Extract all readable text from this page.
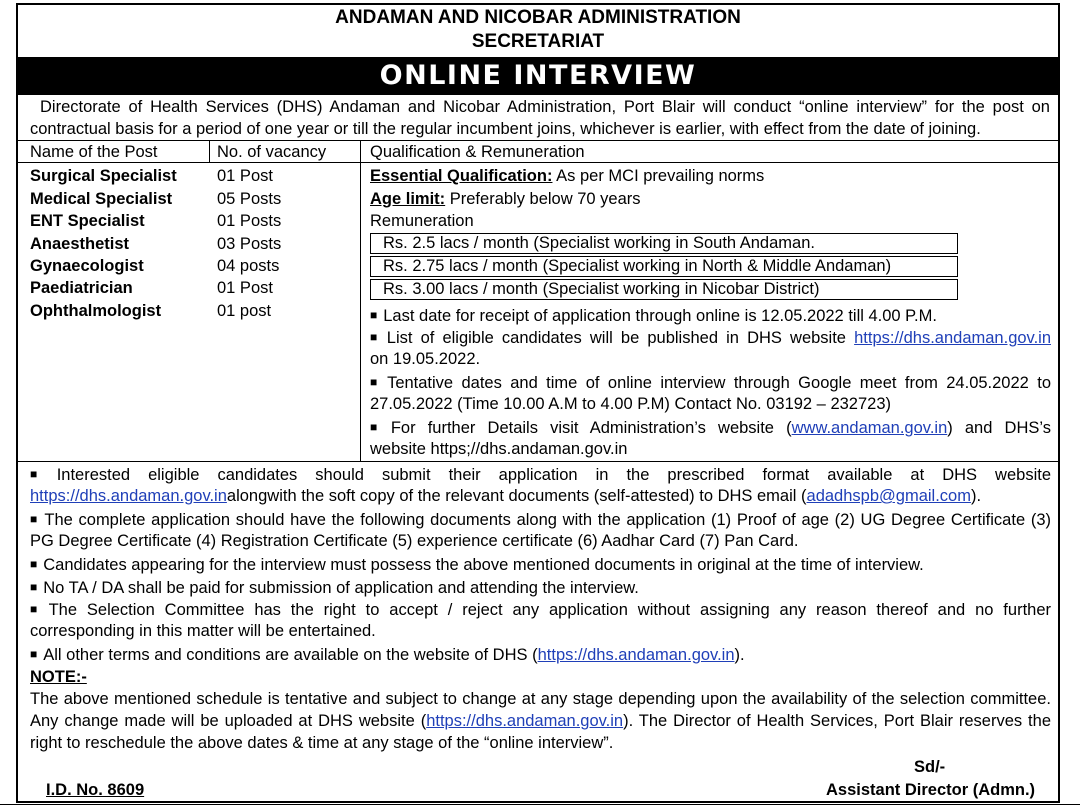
ANDAMAN AND NICOBAR ADMINISTRATION
SECRETARIAT
ONLINE INTERVIEW
Directorate of Health Services (DHS) Andaman and Nicobar Administration, Port Blair will conduct “online interview” for the post on
contractual basis for a period of one year or till the regular incumbent joins, whichever is earlier, with effect from the date of joining.
Name of the Post	No. of vacancy	Qualification & Remuneration
Surgical Specialist 01 Post
Medical Specialist	05 Posts
ENT Specialist	01 Posts
Anaesthetist	03 Posts
Gynaecologist	04 posts
Paediatrician	01 Post
Ophthalmologist	01 post
Essential Qualification: As per MCI prevailing norms
Age limit: Preferably below 70 years
Remuneration
Rs. 2.5 lacs / month (Specialist working in South Andaman.
Rs. 2.75 lacs / month (Specialist working in North & Middle Andaman)
Rs. 3.00 lacs / month (Specialist working in Nicobar District)
■ Last date for receipt of application through online is 12.05.2022 till 4.00 P.M.
■ List of eligible candidates will be published in DHS website https://dhs.andaman.gov.in
on 19.05.2022.
■ Tentative dates and time of online interview through Google meet from 24.05.2022 to
27.05.2022 (Time 10.00 A.M to 4.00 P.M) Contact No. 03192 – 232723)
■ For further Details visit Administration’s website (www.andaman.gov.in) and DHS’s
website https;//dhs.andaman.gov.in
■ Interested eligible candidates should submit their application in the prescribed format available at DHS website
https://dhs.andaman.gov.inalongwith the soft copy of the relevant documents (self-attested) to DHS email (adadhspb@gmail.com).
■ The complete application should have the following documents along with the application (1) Proof of age (2) UG Degree Certificate (3)
PG Degree Certificate (4) Registration Certificate (5) experience certificate (6) Aadhar Card (7) Pan Card.
■ Candidates appearing for the interview must possess the above mentioned documents in original at the time of interview.
■ No TA / DA shall be paid for submission of application and attending the interview.
■ The Selection Committee has the right to accept / reject any application without assigning any reason thereof and no further
corresponding in this matter will be entertained.
■ All other terms and conditions are available on the website of DHS (https://dhs.andaman.gov.in).
NOTE:-
The above mentioned schedule is tentative and subject to change at any stage depending upon the availability of the selection committee.
Any change made will be uploaded at DHS website (https://dhs.andaman.gov.in). The Director of Health Services, Port Blair reserves the
right to reschedule the above dates & time at any stage of the “online interview”.
Sd/-
I.D. No. 8609	Assistant Director (Admn.)
